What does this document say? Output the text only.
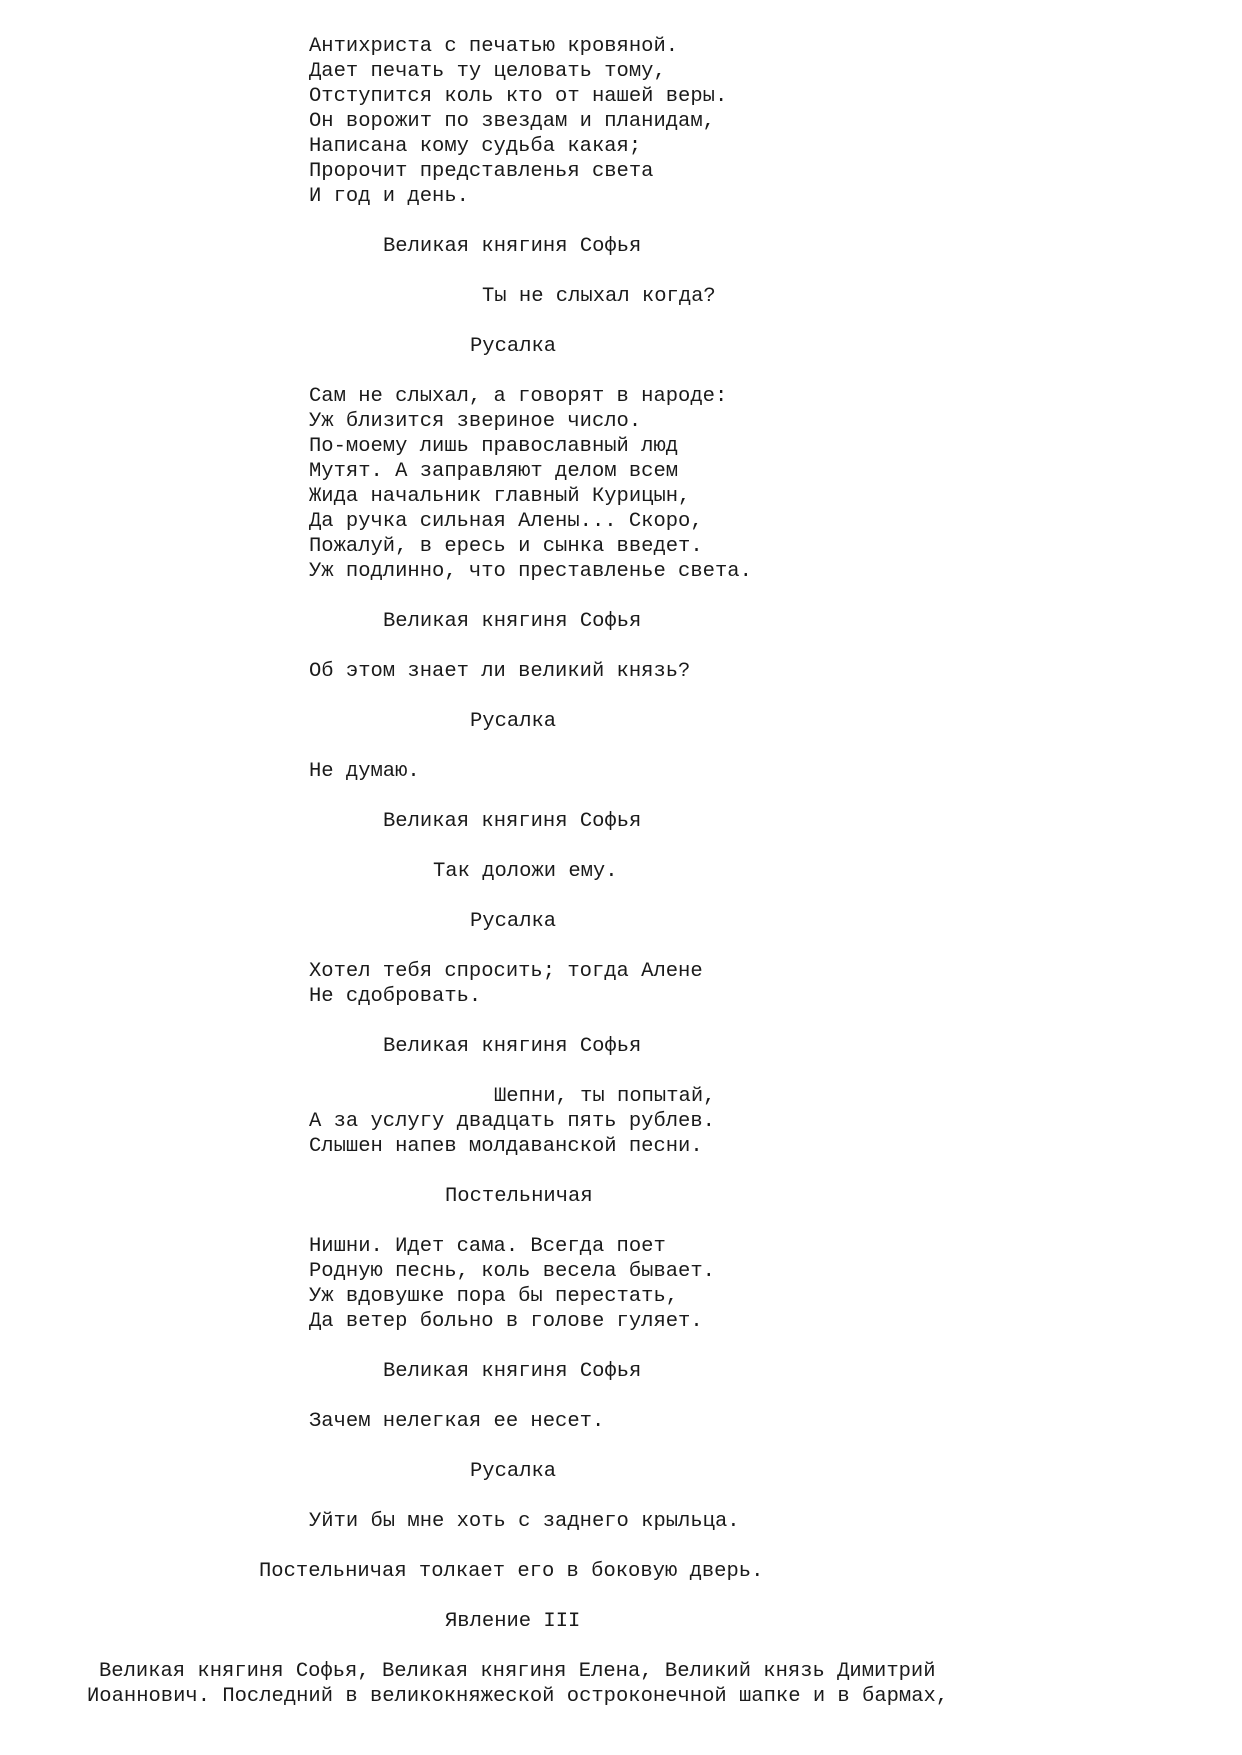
Антихриста с печатью кровяной.
Дает печать ту целовать тому,
Отступится коль кто от нашей веры.
Он ворожит по звездам и планидам,
Написана кому судьба какая;
Пророчит представленья света
И год и день.
Великая княгиня Софья
Ты не слыхал когда?
Русалка
Сам не слыхал, а говорят в народе:
Уж близится звериное число.
По-моему лишь православный люд
Мутят. А заправляют делом всем
Жида начальник главный Курицын,
Да ручка сильная Алены... Скоро,
Пожалуй, в ересь и сынка введет.
Уж подлинно, что преставленье света.
Великая княгиня Софья
Об этом знает ли великий князь?
Русалка
Не думаю.
Великая княгиня Софья
Так доложи ему.
Русалка
Хотел тебя спросить; тогда Алене
Не сдобровать.
Великая княгиня Софья
Шепни, ты попытай,
А за услугу двадцать пять рублев.
Слышен напев молдаванской песни.
Постельничая
Нишни. Идет сама. Всегда поет
Родную песнь, коль весела бывает.
Уж вдовушке пора бы перестать,
Да ветер больно в голове гуляет.
Великая княгиня Софья
Зачем нелегкая ее несет.
Русалка
Уйти бы мне хоть с заднего крыльца.
Постельничая толкает его в боковую дверь.
Явление III
Великая княгиня Софья, Великая княгиня Елена, Великий князь Димитрий
Иоаннович. Последний в великокняжеской остроконечной шапке и в бармах,
